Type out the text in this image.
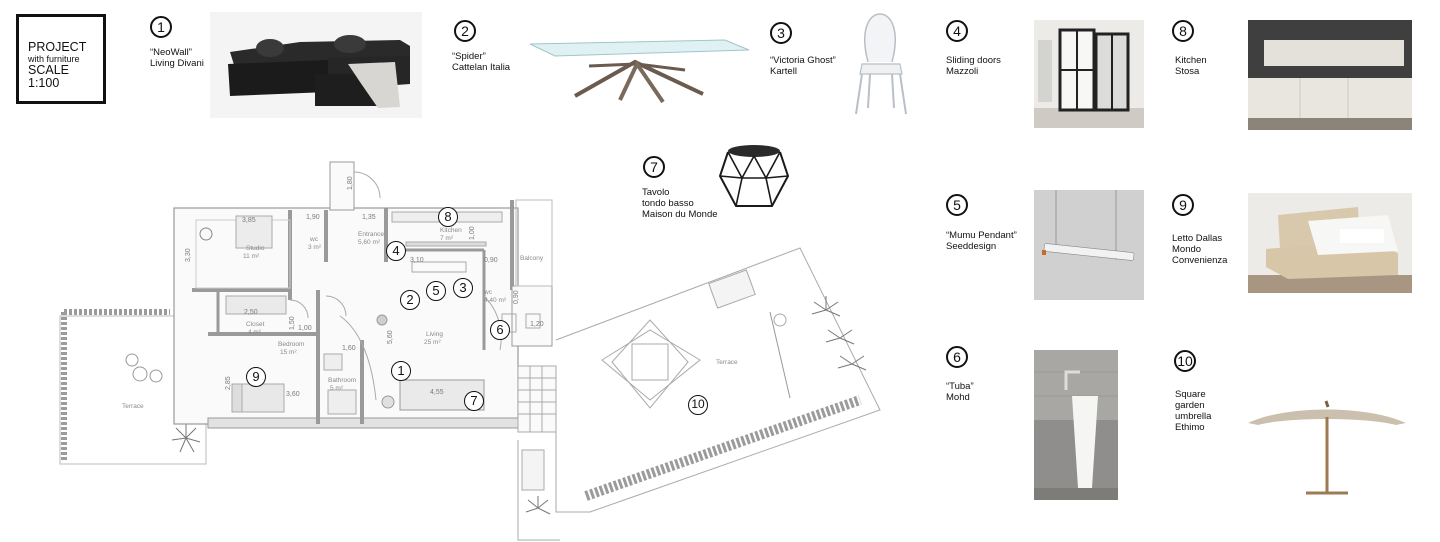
PROJECT
with furniture
SCALE 1:100
1
“NeoWall”
Living Divani
2
“Spider”
Cattelan Italia
3
“Victoria Ghost”
Kartell
4
Sliding doors
Mazzoli
8
Kitchen
Stosa
7
Tavolo
tondo basso
Maison du Monde
5
“Mumu Pendant”
Seeddesign
9
Letto Dallas
Mondo
Convenienza
6
“Tuba”
Mohd
10
Square
garden
umbrella
Ethimo
Studio
11 m²
wc
3 m²
Entrance
5,60 m²
Kitchen
7 m²
Balcony
Closet
4 m²
Bedroom
15 m²
Bathroom
5 m²
Living
25 m²
wc
4,40 m²
Terrace
Terrace
3,85	1,90	1,35
1,80
3,30	3,10	0,90
1,00
2,50
1,50 1,00
1,60
5,60
2,85
3,60	4,55
1,20
0,90
8
4
2
5	3
6
9	1
7	10
